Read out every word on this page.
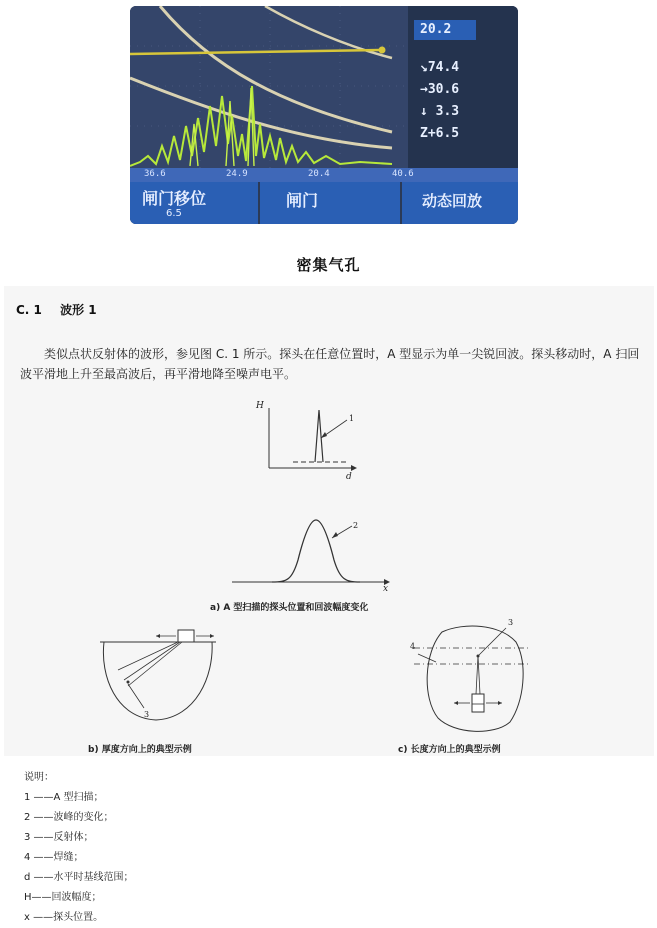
20.2
↘74.4
→30.6
↓ 3.3
Z+6.5
36.6	24.9	20.4	40.6
闸门移位
6.5
闸门	动态回放
密集气孔
C. 1 波形 1
类似点状反射体的波形，参见图 C. 1 所示。探头在任意位置时，A 型显示为单一尖锐回波。探头移动时，A 扫回波平滑地上升至最高波后，再平滑地降至噪声电平。
H
d
1
2
x
a) A 型扫描的探头位置和回波幅度变化
3
b) 厚度方向上的典型示例
3
4
c) 长度方向上的典型示例
说明：
1 ——A 型扫描；
2 ——波峰的变化；
3 ——反射体；
4 ——焊缝；
d ——水平时基线范围；
H——回波幅度；
x ——探头位置。
